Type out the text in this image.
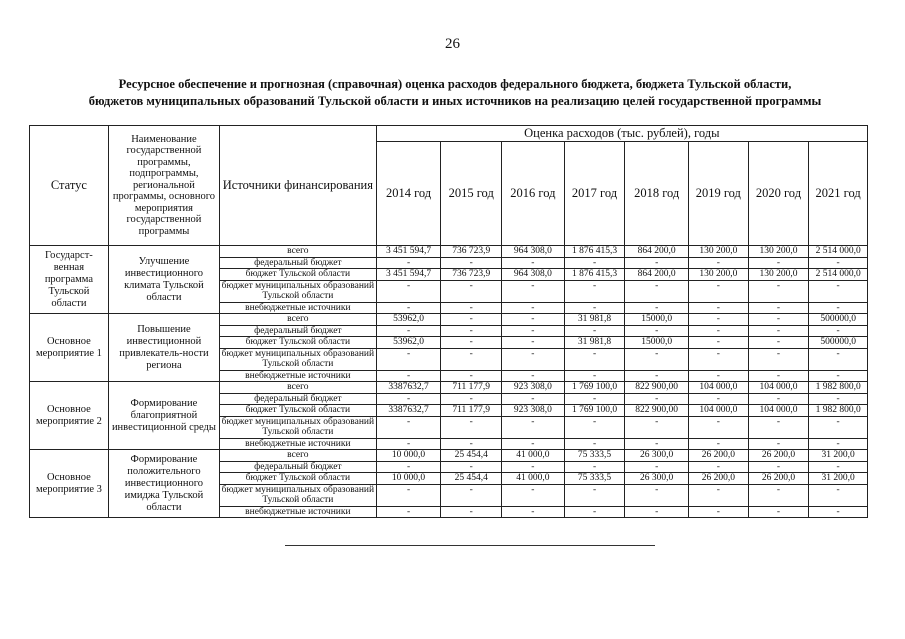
26
Ресурсное обеспечение и прогнозная (справочная) оценка расходов федерального бюджета, бюджета Тульской области,
бюджетов муниципальных образований Тульской области и иных источников на реализацию целей государственной программы
Статус	Наименование государственной программы, подпрограммы, региональной программы, основного мероприятия государственной программы	Источники финансирования	Оценка расходов (тыс. рублей), годы							
			2014 год	2015 год	2016 год	2017 год	2018 год	2019 год	2020 год	2021 год
Государст-венная программа Тульской области	Улучшение инвестиционного климата Тульской области	всего	3 451 594,7	736 723,9	964 308,0	1 876 415,3	864 200,0	130 200,0	130 200,0	2 514 000,0
		федеральный бюджет	-	-	-	-	-	-	-	-
		бюджет Тульской области	3 451 594,7	736 723,9	964 308,0	1 876 415,3	864 200,0	130 200,0	130 200,0	2 514 000,0
		бюджет муниципальных образований Тульской области	-	-	-	-	-	-	-	-
		внебюджетные источники	-	-	-	-	-	-	-	-
Основное мероприятие 1	Повышение инвестиционной привлекатель-ности региона	всего	53962,0	-	-	31 981,8	15000,0	-	-	500000,0
		федеральный бюджет	-	-	-	-	-	-	-	-
		бюджет Тульской области	53962,0	-	-	31 981,8	15000,0	-	-	500000,0
		бюджет муниципальных образований Тульской области	-	-	-	-	-	-	-	-
		внебюджетные источники	-	-	-	-	-	-	-	-
Основное мероприятие 2	Формирование благоприятной инвестиционной среды	всего	3387632,7	711 177,9	923 308,0	1 769 100,0	822 900,00	104 000,0	104 000,0	1 982 800,0
		федеральный бюджет	-	-	-	-	-	-	-	-
		бюджет Тульской области	3387632,7	711 177,9	923 308,0	1 769 100,0	822 900,00	104 000,0	104 000,0	1 982 800,0
		бюджет муниципальных образований Тульской области	-	-	-	-	-	-	-	-
		внебюджетные источники	-	-	-	-	-	-	-	-
Основное мероприятие 3	Формирование положительного инвестиционного имиджа Тульской области	всего	10 000,0	25 454,4	41 000,0	75 333,5	26 300,0	26 200,0	26 200,0	31 200,0
		федеральный бюджет	-	-	-	-	-	-	-	-
		бюджет Тульской области	10 000,0	25 454,4	41 000,0	75 333,5	26 300,0	26 200,0	26 200,0	31 200,0
		бюджет муниципальных образований Тульской области	-	-	-	-	-	-	-	-
		внебюджетные источники	-	-	-	-	-	-	-	-
